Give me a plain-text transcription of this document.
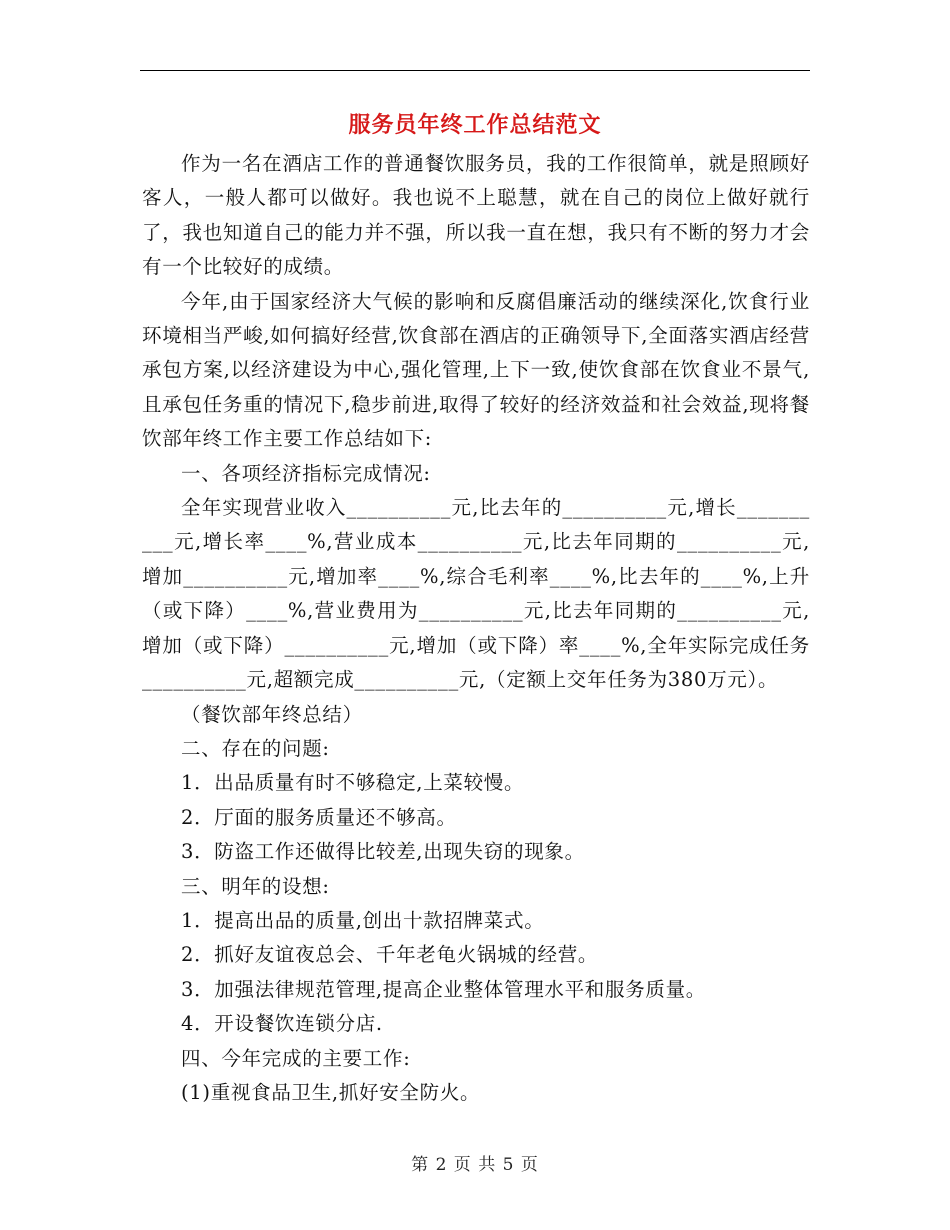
服务员年终工作总结范文

作为一名在酒店工作的普通餐饮服务员，我的工作很简单，就是照顾好客人，一般人都可以做好。我也说不上聪慧，就在自己的岗位上做好就行了，我也知道自己的能力并不强，所以我一直在想，我只有不断的努力才会有一个比较好的成绩。

今年,由于国家经济大气候的影响和反腐倡廉活动的继续深化,饮食行业环境相当严峻,如何搞好经营,饮食部在酒店的正确领导下,全面落实酒店经营承包方案,以经济建设为中心,强化管理,上下一致,使饮食部在饮食业不景气,且承包任务重的情况下,稳步前进,取得了较好的经济效益和社会效益,现将餐饮部年终工作主要工作总结如下:

一、各项经济指标完成情况:

全年实现营业收入__________元,比去年的__________元,增长__________元,增长率____%,营业成本__________元,比去年同期的__________元,增加__________元,增加率____%,综合毛利率____%,比去年的____%,上升（或下降）____%,营业费用为__________元,比去年同期的__________元,增加（或下降）__________元,增加（或下降）率____%,全年实际完成任务__________元,超额完成__________元,（定额上交年任务为380万元）。

（餐饮部年终总结）

二、存在的问题:

1．出品质量有时不够稳定,上菜较慢。

2．厅面的服务质量还不够高。

3．防盗工作还做得比较差,出现失窃的现象。

三、明年的设想:

1．提高出品的质量,创出十款招牌菜式。

2．抓好友谊夜总会、千年老龟火锅城的经营。

3．加强法律规范管理,提高企业整体管理水平和服务质量。

4．开设餐饮连锁分店.

四、今年完成的主要工作:

(1)重视食品卫生,抓好安全防火。

第 2 页 共 5 页
